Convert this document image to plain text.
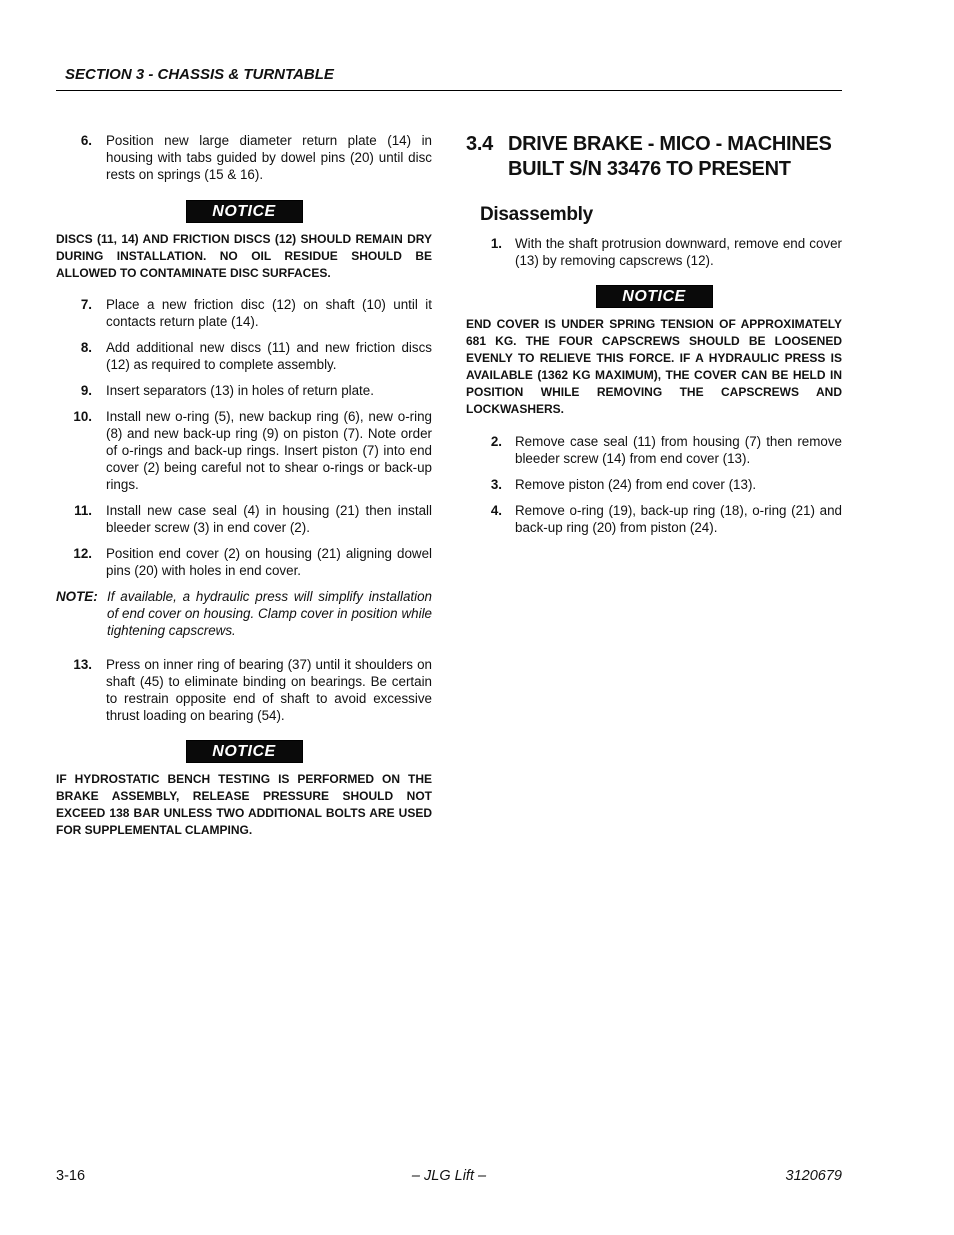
SECTION 3 - CHASSIS & TURNTABLE
6. Position new large diameter return plate (14) in housing with tabs guided by dowel pins (20) until disc rests on springs (15 & 16).
NOTICE
DISCS (11, 14) AND FRICTION DISCS (12) SHOULD REMAIN DRY DURING INSTALLATION. NO OIL RESIDUE SHOULD BE ALLOWED TO CONTAMINATE DISC SURFACES.
7. Place a new friction disc (12) on shaft (10) until it contacts return plate (14).
8. Add additional new discs (11) and new friction discs (12) as required to complete assembly.
9. Insert separators (13) in holes of return plate.
10. Install new o-ring (5), new backup ring (6), new o-ring (8) and new back-up ring (9) on piston (7). Note order of o-rings and back-up rings. Insert piston (7) into end cover (2) being careful not to shear o-rings or back-up rings.
11. Install new case seal (4) in housing (21) then install bleeder screw (3) in end cover (2).
12. Position end cover (2) on housing (21) aligning dowel pins (20) with holes in end cover.
NOTE: If available, a hydraulic press will simplify installation of end cover on housing. Clamp cover in position while tightening capscrews.
13. Press on inner ring of bearing (37) until it shoulders on shaft (45) to eliminate binding on bearings. Be certain to restrain opposite end of shaft to avoid excessive thrust loading on bearing (54).
NOTICE
IF HYDROSTATIC BENCH TESTING IS PERFORMED ON THE BRAKE ASSEMBLY, RELEASE PRESSURE SHOULD NOT EXCEED 138 BAR UNLESS TWO ADDITIONAL BOLTS ARE USED FOR SUPPLEMENTAL CLAMPING.
3.4 DRIVE BRAKE - MICO - MACHINES BUILT S/N 33476 TO PRESENT
Disassembly
1. With the shaft protrusion downward, remove end cover (13) by removing capscrews (12).
NOTICE
END COVER IS UNDER SPRING TENSION OF APPROXIMATELY 681 KG. THE FOUR CAPSCREWS SHOULD BE LOOSENED EVENLY TO RELIEVE THIS FORCE. IF A HYDRAULIC PRESS IS AVAILABLE (1362 KG MAXIMUM), THE COVER CAN BE HELD IN POSITION WHILE REMOVING THE CAPSCREWS AND LOCKWASHERS.
2. Remove case seal (11) from housing (7) then remove bleeder screw (14) from end cover (13).
3. Remove piston (24) from end cover (13).
4. Remove o-ring (19), back-up ring (18), o-ring (21) and back-up ring (20) from piston (24).
3-16	– JLG Lift –	3120679
